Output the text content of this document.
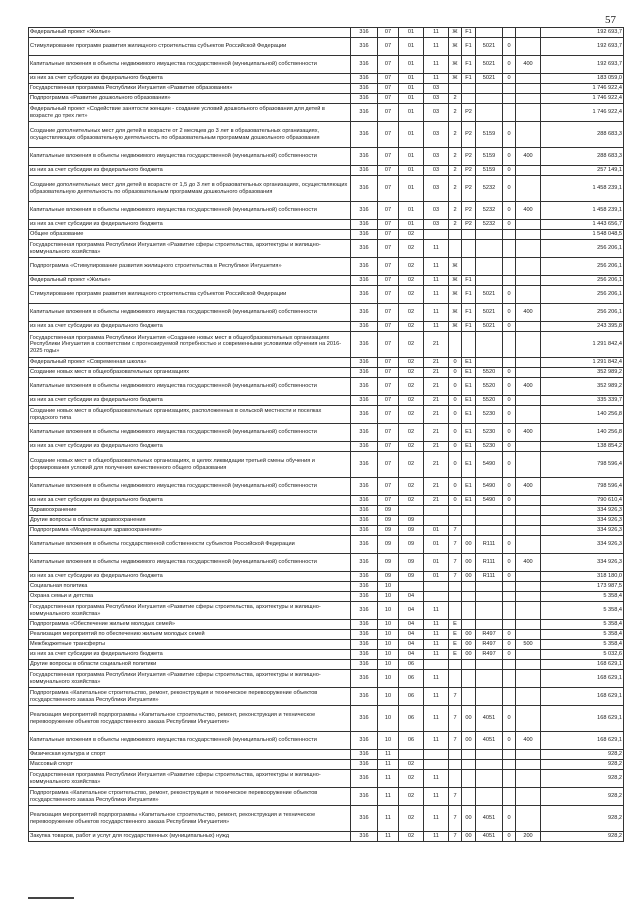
57
Федеральный проект «Жилье»	316	07	01	11	Ж	F1				192 693,7
Стимулирование программ развития жилищного строительства субъектов Российской Федерации	316	07	01	11	Ж	F1	5021	0		192 693,7
Капитальные вложения в объекты недвижимого имущества государственной (муниципальной) собственности	316	07	01	11	Ж	F1	5021	0	400	192 693,7
из них за счет субсидии из федерального бюджета	316	07	01	11	Ж	F1	5021	0		183 059,0
Государственная программа Республики Ингушетия «Развитие образования»	316	07	01	03						1 746 922,4
Подпрограмма «Развитие дошкольного образования»	316	07	01	03	2					1 746 922,4
Федеральный проект «Содействие занятости женщин - создание условий дошкольного образования для детей в возрасте до трех лет»	316	07	01	03	2	P2				1 746 922,4
Создание дополнительных мест для детей в возрасте от 2 месяцев до 3 лет в образовательных организациях, осуществляющих образовательную деятельность по образовательным программам дошкольного образования	316	07	01	03	2	P2	5159	0		288 683,3
Капитальные вложения в объекты недвижимого имущества государственной (муниципальной) собственности	316	07	01	03	2	P2	5159	0	400	288 683,3
из них за счет субсидии из федерального бюджета	316	07	01	03	2	P2	5159	0		257 149,1
Создание дополнительных мест для детей в возрасте от 1,5 до 3 лет в образовательных организациях, осуществляющих образовательную деятельность по образовательным программам дошкольного образования	316	07	01	03	2	P2	5232	0		1 458 239,1
Капитальные вложения в объекты недвижимого имущества государственной (муниципальной) собственности	316	07	01	03	2	P2	5232	0	400	1 458 239,1
из них за счет субсидии из федерального бюджета	316	07	01	03	2	P2	5232	0		1 443 656,7
Общее образование	316	07	02							1 548 048,5
Государственная программа Республики Ингушетия «Развитие сферы строительства, архитектуры и жилищно-коммунального хозяйства»	316	07	02	11						256 206,1
Подпрограмма «Стимулирование развития жилищного строительства в Республике Ингушетия»	316	07	02	11	Ж					256 206,1
Федеральный проект «Жилье»	316	07	02	11	Ж	F1				256 206,1
Стимулирование программ развития жилищного строительства субъектов Российской Федерации	316	07	02	11	Ж	F1	5021	0		256 206,1
Капитальные вложения в объекты недвижимого имущества государственной (муниципальной) собственности	316	07	02	11	Ж	F1	5021	0	400	256 206,1
из них за счет субсидии из федерального бюджета	316	07	02	11	Ж	F1	5021	0		243 395,8
Государственная программа Республики Ингушетия «Создание новых мест в общеобразовательных организациях Республики Ингушетия в соответствии с прогнозируемой потребностью и современными условиями обучения на 2016-2025 годы»	316	07	02	21						1 291 842,4
Федеральный проект «Современная школа»	316	07	02	21	0	E1				1 291 842,4
Создание новых мест в общеобразовательных организациях	316	07	02	21	0	E1	5520	0		352 989,2
Капитальные вложения в объекты недвижимого имущества государственной (муниципальной) собственности	316	07	02	21	0	E1	5520	0	400	352 989,2
из них за счет субсидии из федерального бюджета	316	07	02	21	0	E1	5520	0		335 339,7
Создание новых мест в общеобразовательных организациях, расположенных в сельской местности и поселках городского типа	316	07	02	21	0	E1	5230	0		140 256,8
Капитальные вложения в объекты недвижимого имущества государственной (муниципальной) собственности	316	07	02	21	0	E1	5230	0	400	140 256,8
из них за счет субсидии из федерального бюджета	316	07	02	21	0	E1	5230	0		138 854,2
Создание новых мест в общеобразовательных организациях, в целях ликвидации третьей смены обучения и формирования условий для получения качественного общего образования	316	07	02	21	0	E1	5490	0		798 596,4
Капитальные вложения в объекты недвижимого имущества государственной (муниципальной) собственности	316	07	02	21	0	E1	5490	0	400	798 596,4
из них за счет субсидии из федерального бюджета	316	07	02	21	0	E1	5490	0		790 610,4
Здравоохранение	316	09								334 926,3
Другие вопросы в области здравоохранения	316	09	09							334 926,3
Подпрограмма «Модернизация здравоохранения»	316	09	09	01	7					334 926,3
Капитальные вложения в объекты государственной собственности субъектов Российской Федерации	316	09	09	01	7	00	R111	0		334 926,3
Капитальные вложения в объекты недвижимого имущества государственной (муниципальной) собственности	316	09	09	01	7	00	R111	0	400	334 926,3
из них за счет субсидии из федерального бюджета	316	09	09	01	7	00	R111	0		318 180,0
Социальная политика	316	10								173 987,5
Охрана семьи и детства	316	10	04							5 358,4
Государственная программа Республики Ингушетия «Развитие сферы строительства, архитектуры и жилищно-коммунального хозяйства»	316	10	04	11						5 358,4
Подпрограмма «Обеспечение жильем молодых семей»	316	10	04	11	Е					5 358,4
Реализация мероприятий по обеспечению жильем молодых семей	316	10	04	11	Е	00	R497	0		5 358,4
Межбюджетные трансферты	316	10	04	11	Е	00	R497	0	500	5 358,4
из них за счет субсидии из федерального бюджета	316	10	04	11	Е	00	R497	0		5 032,6
Другие вопросы в области социальной политики	316	10	06							168 629,1
Государственная программа Республики Ингушетия «Развитие сферы строительства, архитектуры и жилищно-коммунального хозяйства»	316	10	06	11						168 629,1
Подпрограмма «Капитальное строительство, ремонт, реконструкция и техническое перевооружение объектов государственного заказа Республики Ингушетия»	316	10	06	11	7					168 629,1
Реализация мероприятий подпрограммы «Капитальное строительство, ремонт, реконструкция и техническое перевооружение объектов государственного заказа Республики Ингушетия»	316	10	06	11	7	00	4051	0		168 629,1
Капитальные вложения в объекты недвижимого имущества государственной (муниципальной) собственности	316	10	06	11	7	00	4051	0	400	168 629,1
Физическая культура и спорт	316	11								928,2
Массовый спорт	316	11	02							928,2
Государственная программа Республики Ингушетия «Развитие сферы строительства, архитектуры и жилищно-коммунального хозяйства»	316	11	02	11						928,2
Подпрограмма «Капитальное строительство, ремонт, реконструкция и техническое перевооружение объектов государственного заказа Республики Ингушетия»	316	11	02	11	7					928,2
Реализация мероприятий подпрограммы «Капитальное строительство, ремонт, реконструкция и техническое перевооружение объектов государственного заказа Республики Ингушетия»	316	11	02	11	7	00	4051	0		928,2
Закупка товаров, работ и услуг для государственных (муниципальных) нужд	316	11	02	11	7	00	4051	0	200	928,2
